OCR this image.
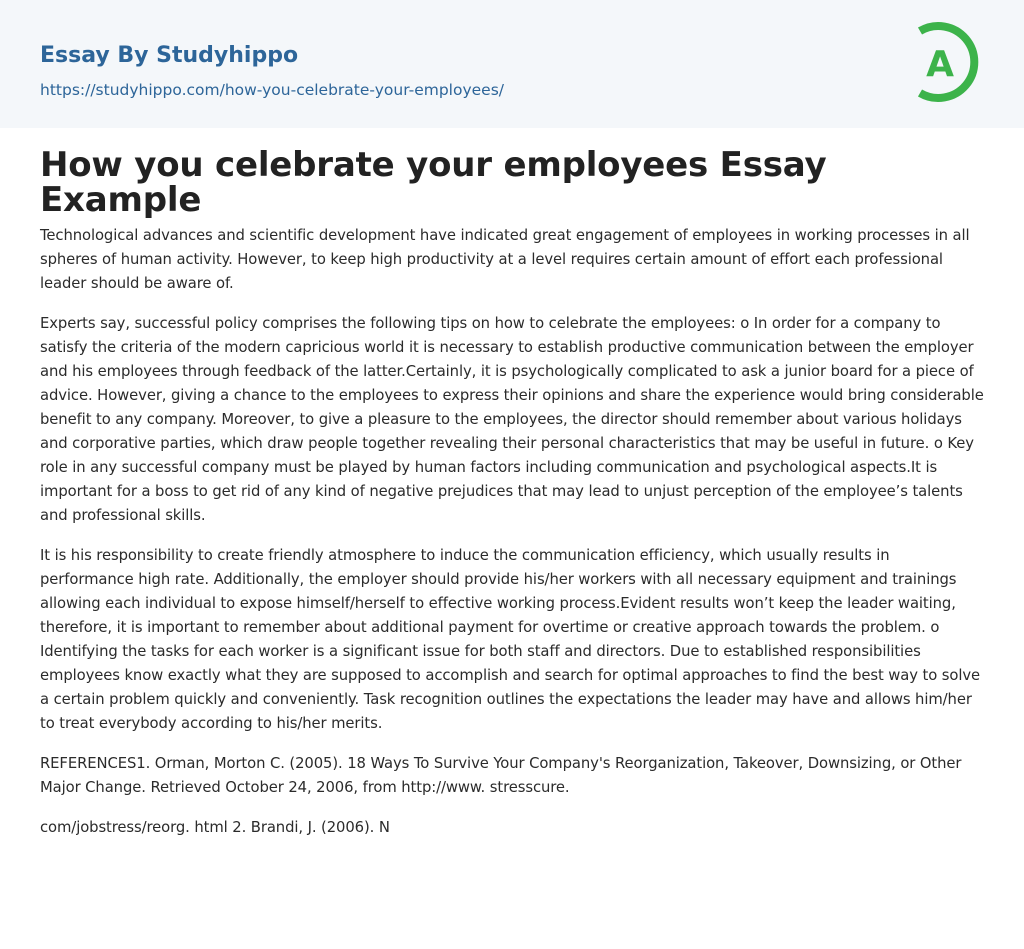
Essay By Studyhippo
https://studyhippo.com/how-you-celebrate-your-employees/
A
How you celebrate your employees Essay Example

Technological advances and scientific development have indicated great engagement of employees in working processes in all spheres of human activity. However, to keep high productivity at a level requires certain amount of effort each professional leader should be aware of.

Experts say, successful policy comprises the following tips on how to celebrate the employees: o In order for a company to satisfy the criteria of the modern capricious world it is necessary to establish productive communication between the employer and his employees through feedback of the latter.Certainly, it is psychologically complicated to ask a junior board for a piece of advice. However, giving a chance to the employees to express their opinions and share the experience would bring considerable benefit to any company. Moreover, to give a pleasure to the employees, the director should remember about various holidays and corporative parties, which draw people together revealing their personal characteristics that may be useful in future. o Key role in any successful company must be played by human factors including communication and psychological aspects.It is important for a boss to get rid of any kind of negative prejudices that may lead to unjust perception of the employee’s talents and professional skills.

It is his responsibility to create friendly atmosphere to induce the communication efficiency, which usually results in performance high rate. Additionally, the employer should provide his/her workers with all necessary equipment and trainings allowing each individual to expose himself/herself to effective working process.Evident results won’t keep the leader waiting, therefore, it is important to remember about additional payment for overtime or creative approach towards the problem. o Identifying the tasks for each worker is a significant issue for both staff and directors. Due to established responsibilities employees know exactly what they are supposed to accomplish and search for optimal approaches to find the best way to solve a certain problem quickly and conveniently. Task recognition outlines the expectations the leader may have and allows him/her to treat everybody according to his/her merits.

REFERENCES1. Orman, Morton C. (2005). 18 Ways To Survive Your Company's Reorganization, Takeover, Downsizing, or Other Major Change. Retrieved October 24, 2006, from http://www. stresscure.

com/jobstress/reorg. html 2. Brandi, J. (2006). N
